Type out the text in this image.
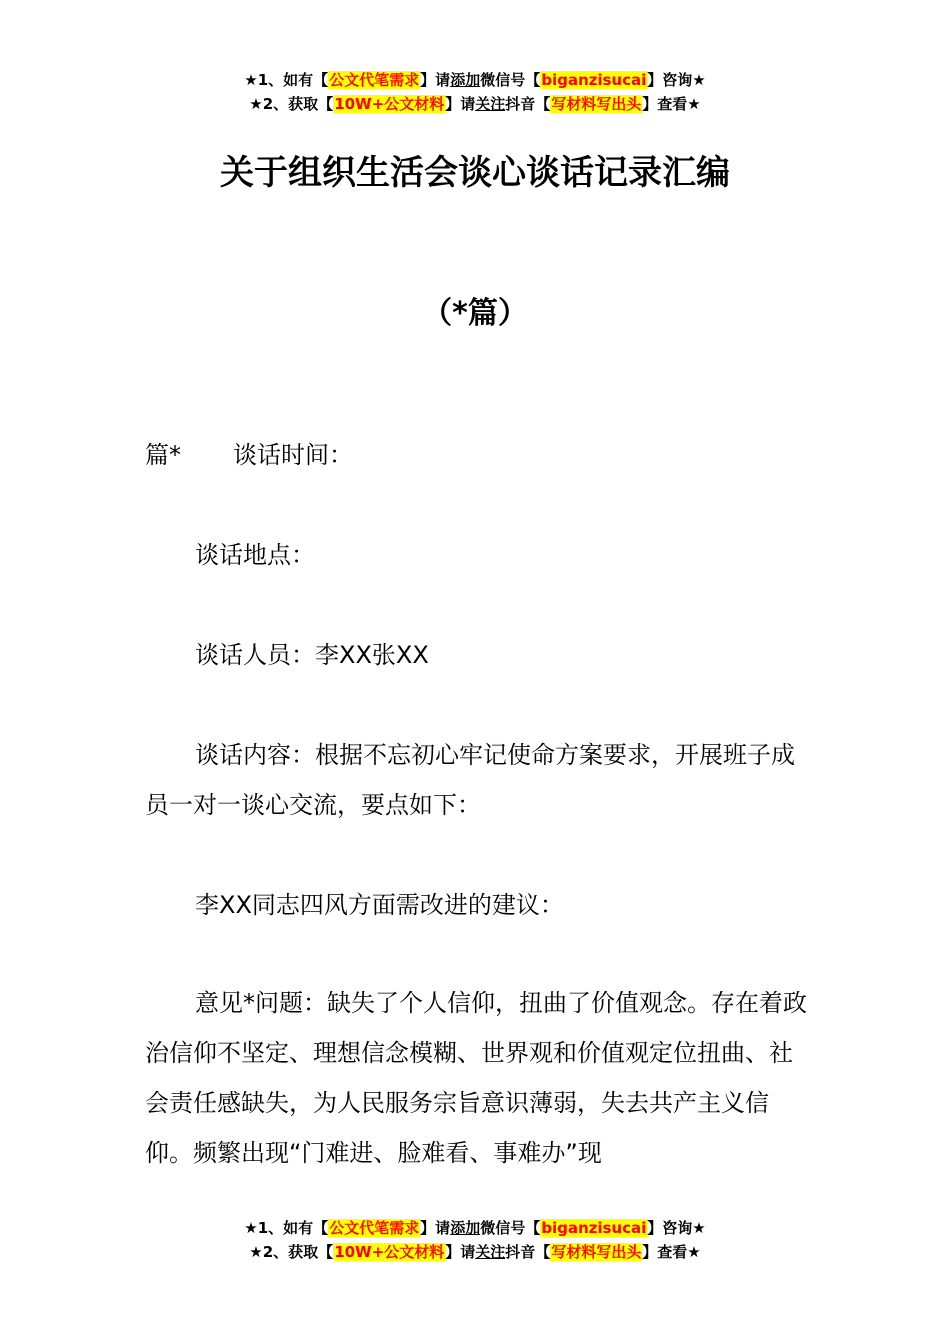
★1、如有【公文代笔需求】请添加微信号【biganzisucai】咨询★
★2、获取【10W+公文材料】请关注抖音【写材料写出头】查看★
关于组织生活会谈心谈话记录汇编
（*篇）
篇* 谈话时间：
谈话地点：
谈话人员：李XX张XX
谈话内容：根据不忘初心牢记使命方案要求，开展班子成员一对一谈心交流，要点如下：
李XX同志四风方面需改进的建议：
意见*问题：缺失了个人信仰，扭曲了价值观念。存在着政治信仰不坚定、理想信念模糊、世界观和价值观定位扭曲、社会责任感缺失，为人民服务宗旨意识薄弱，失去共产主义信仰。频繁出现“门难进、脸难看、事难办”现
★1、如有【公文代笔需求】请添加微信号【biganzisucai】咨询★
★2、获取【10W+公文材料】请关注抖音【写材料写出头】查看★
